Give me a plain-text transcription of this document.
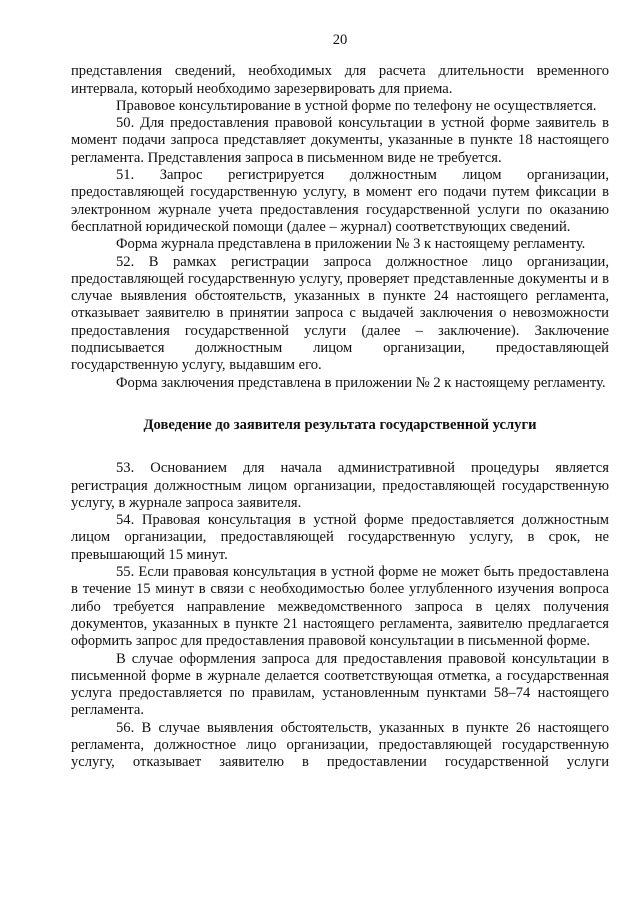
20

представления сведений, необходимых для расчета длительности временного интервала, который необходимо зарезервировать для приема.

Правовое консультирование в устной форме по телефону не осуществляется.

50. Для предоставления правовой консультации в устной форме заявитель в момент подачи запроса представляет документы, указанные в пункте 18 настоящего регламента. Представления запроса в письменном виде не требуется.

51. Запрос регистрируется должностным лицом организации, предоставляющей государственную услугу, в момент его подачи путем фиксации в электронном журнале учета предоставления государственной услуги по оказанию бесплатной юридической помощи (далее – журнал) соответствующих сведений.

Форма журнала представлена в приложении № 3 к настоящему регламенту.

52. В рамках регистрации запроса должностное лицо организации, предоставляющей государственную услугу, проверяет представленные документы и в случае выявления обстоятельств, указанных в пункте 24 настоящего регламента, отказывает заявителю в принятии запроса с выдачей заключения о невозможности предоставления государственной услуги (далее – заключение). Заключение подписывается должностным лицом организации, предоставляющей государственную услугу, выдавшим его.

Форма заключения представлена в приложении № 2 к настоящему регламенту.

Доведение до заявителя результата государственной услуги

53. Основанием для начала административной процедуры является регистрация должностным лицом организации, предоставляющей государственную услугу, в журнале запроса заявителя.

54. Правовая консультация в устной форме предоставляется должностным лицом организации, предоставляющей государственную услугу, в срок, не превышающий 15 минут.

55. Если правовая консультация в устной форме не может быть предоставлена в течение 15 минут в связи с необходимостью более углубленного изучения вопроса либо требуется направление межведомственного запроса в целях получения документов, указанных в пункте 21 настоящего регламента, заявителю предлагается оформить запрос для предоставления правовой консультации в письменной форме.

В случае оформления запроса для предоставления правовой консультации в письменной форме в журнале делается соответствующая отметка, а государственная услуга предоставляется по правилам, установленным пунктами 58–74 настоящего регламента.

56. В случае выявления обстоятельств, указанных в пункте 26 настоящего регламента, должностное лицо организации, предоставляющей государственную услугу, отказывает заявителю в предоставлении государственной услуги
